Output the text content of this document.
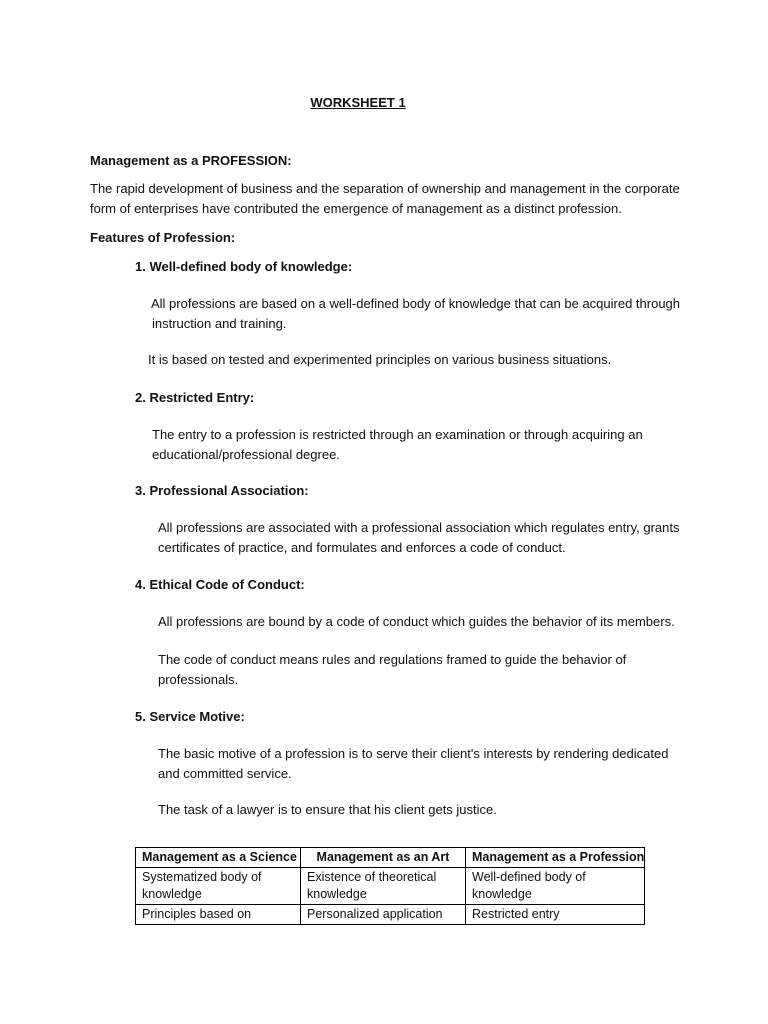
WORKSHEET 1
Management as a PROFESSION:
The rapid development of business and the separation of ownership and management in the corporate
form of enterprises have contributed the emergence of management as a distinct profession.
Features of Profession:
1. Well-defined body of knowledge:
All professions are based on a well-defined body of knowledge that can be acquired through
instruction and training.
It is based on tested and experimented principles on various business situations.
2. Restricted Entry:
The entry to a profession is restricted through an examination or through acquiring an
educational/professional degree.
3. Professional Association:
All professions are associated with a professional association which regulates entry, grants
certificates of practice, and formulates and enforces a code of conduct.
4. Ethical Code of Conduct:
All professions are bound by a code of conduct which guides the behavior of its members.
The code of conduct means rules and regulations framed to guide the behavior of
professionals.
5. Service Motive:
The basic motive of a profession is to serve their client's interests by rendering dedicated
and committed service.
The task of a lawyer is to ensure that his client gets justice.
Management as a Science	Management as an Art	Management as a Profession
Systematized body of knowledge	Existence of theoretical knowledge	Well-defined body of knowledge
Principles based on	Personalized application	Restricted entry
